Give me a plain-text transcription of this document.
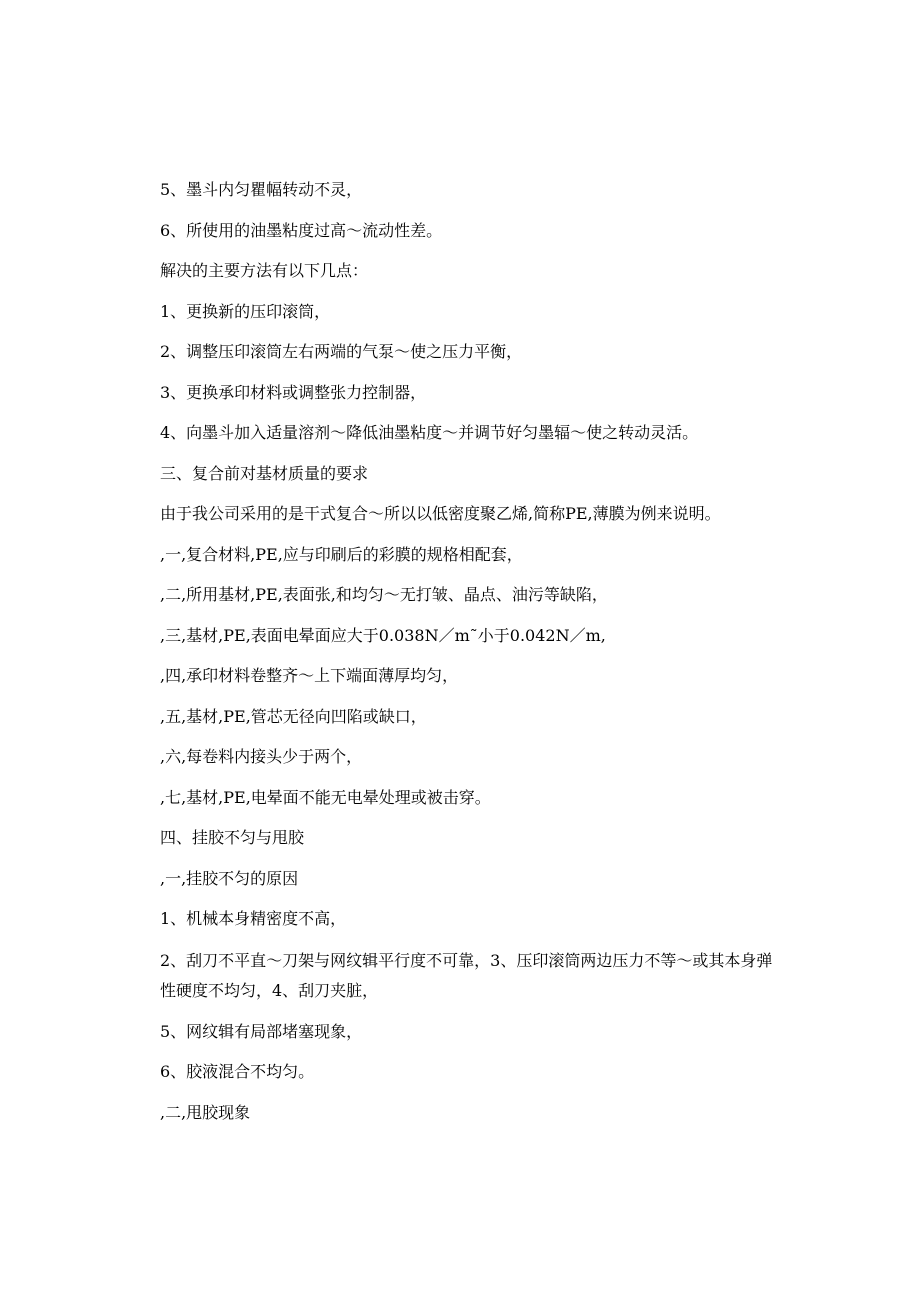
5、墨斗内匀瞿幅转动不灵，

6、所使用的油墨粘度过高～流动性差。

解决的主要方法有以下几点：

1、更换新的压印滚筒，

2、调整压印滚筒左右两端的气泵～使之压力平衡，

3、更换承印材料或调整张力控制器，

4、向墨斗加入适量溶剂～降低油墨粘度～并调节好匀墨辐～使之转动灵活。

三、复合前对基材质量的要求

由于我公司采用的是干式复合～所以以低密度聚乙烯,简称PE,薄膜为例来说明。

,一,复合材料,PE,应与印刷后的彩膜的规格相配套，

,二,所用基材,PE,表面张,和均匀～无打皱、晶点、油污等缺陷，

,三,基材,PE,表面电晕面应大于0.038N／m˜小于0.042N／m,

,四,承印材料卷整齐～上下端面薄厚均匀，

,五,基材,PE,管芯无径向凹陷或缺口，

,六,每卷料内接头少于两个，

,七,基材,PE,电晕面不能无电晕处理或被击穿。

四、挂胶不匀与甩胶

,一,挂胶不匀的原因

1、机械本身精密度不高，

2、刮刀不平直～刀架与网纹辑平行度不可靠，3、压印滚筒两边压力不等～或其本身弹性硬度不均匀，4、刮刀夹脏，

5、网纹辑有局部堵塞现象，

6、胶液混合不均匀。

,二,甩胶现象
